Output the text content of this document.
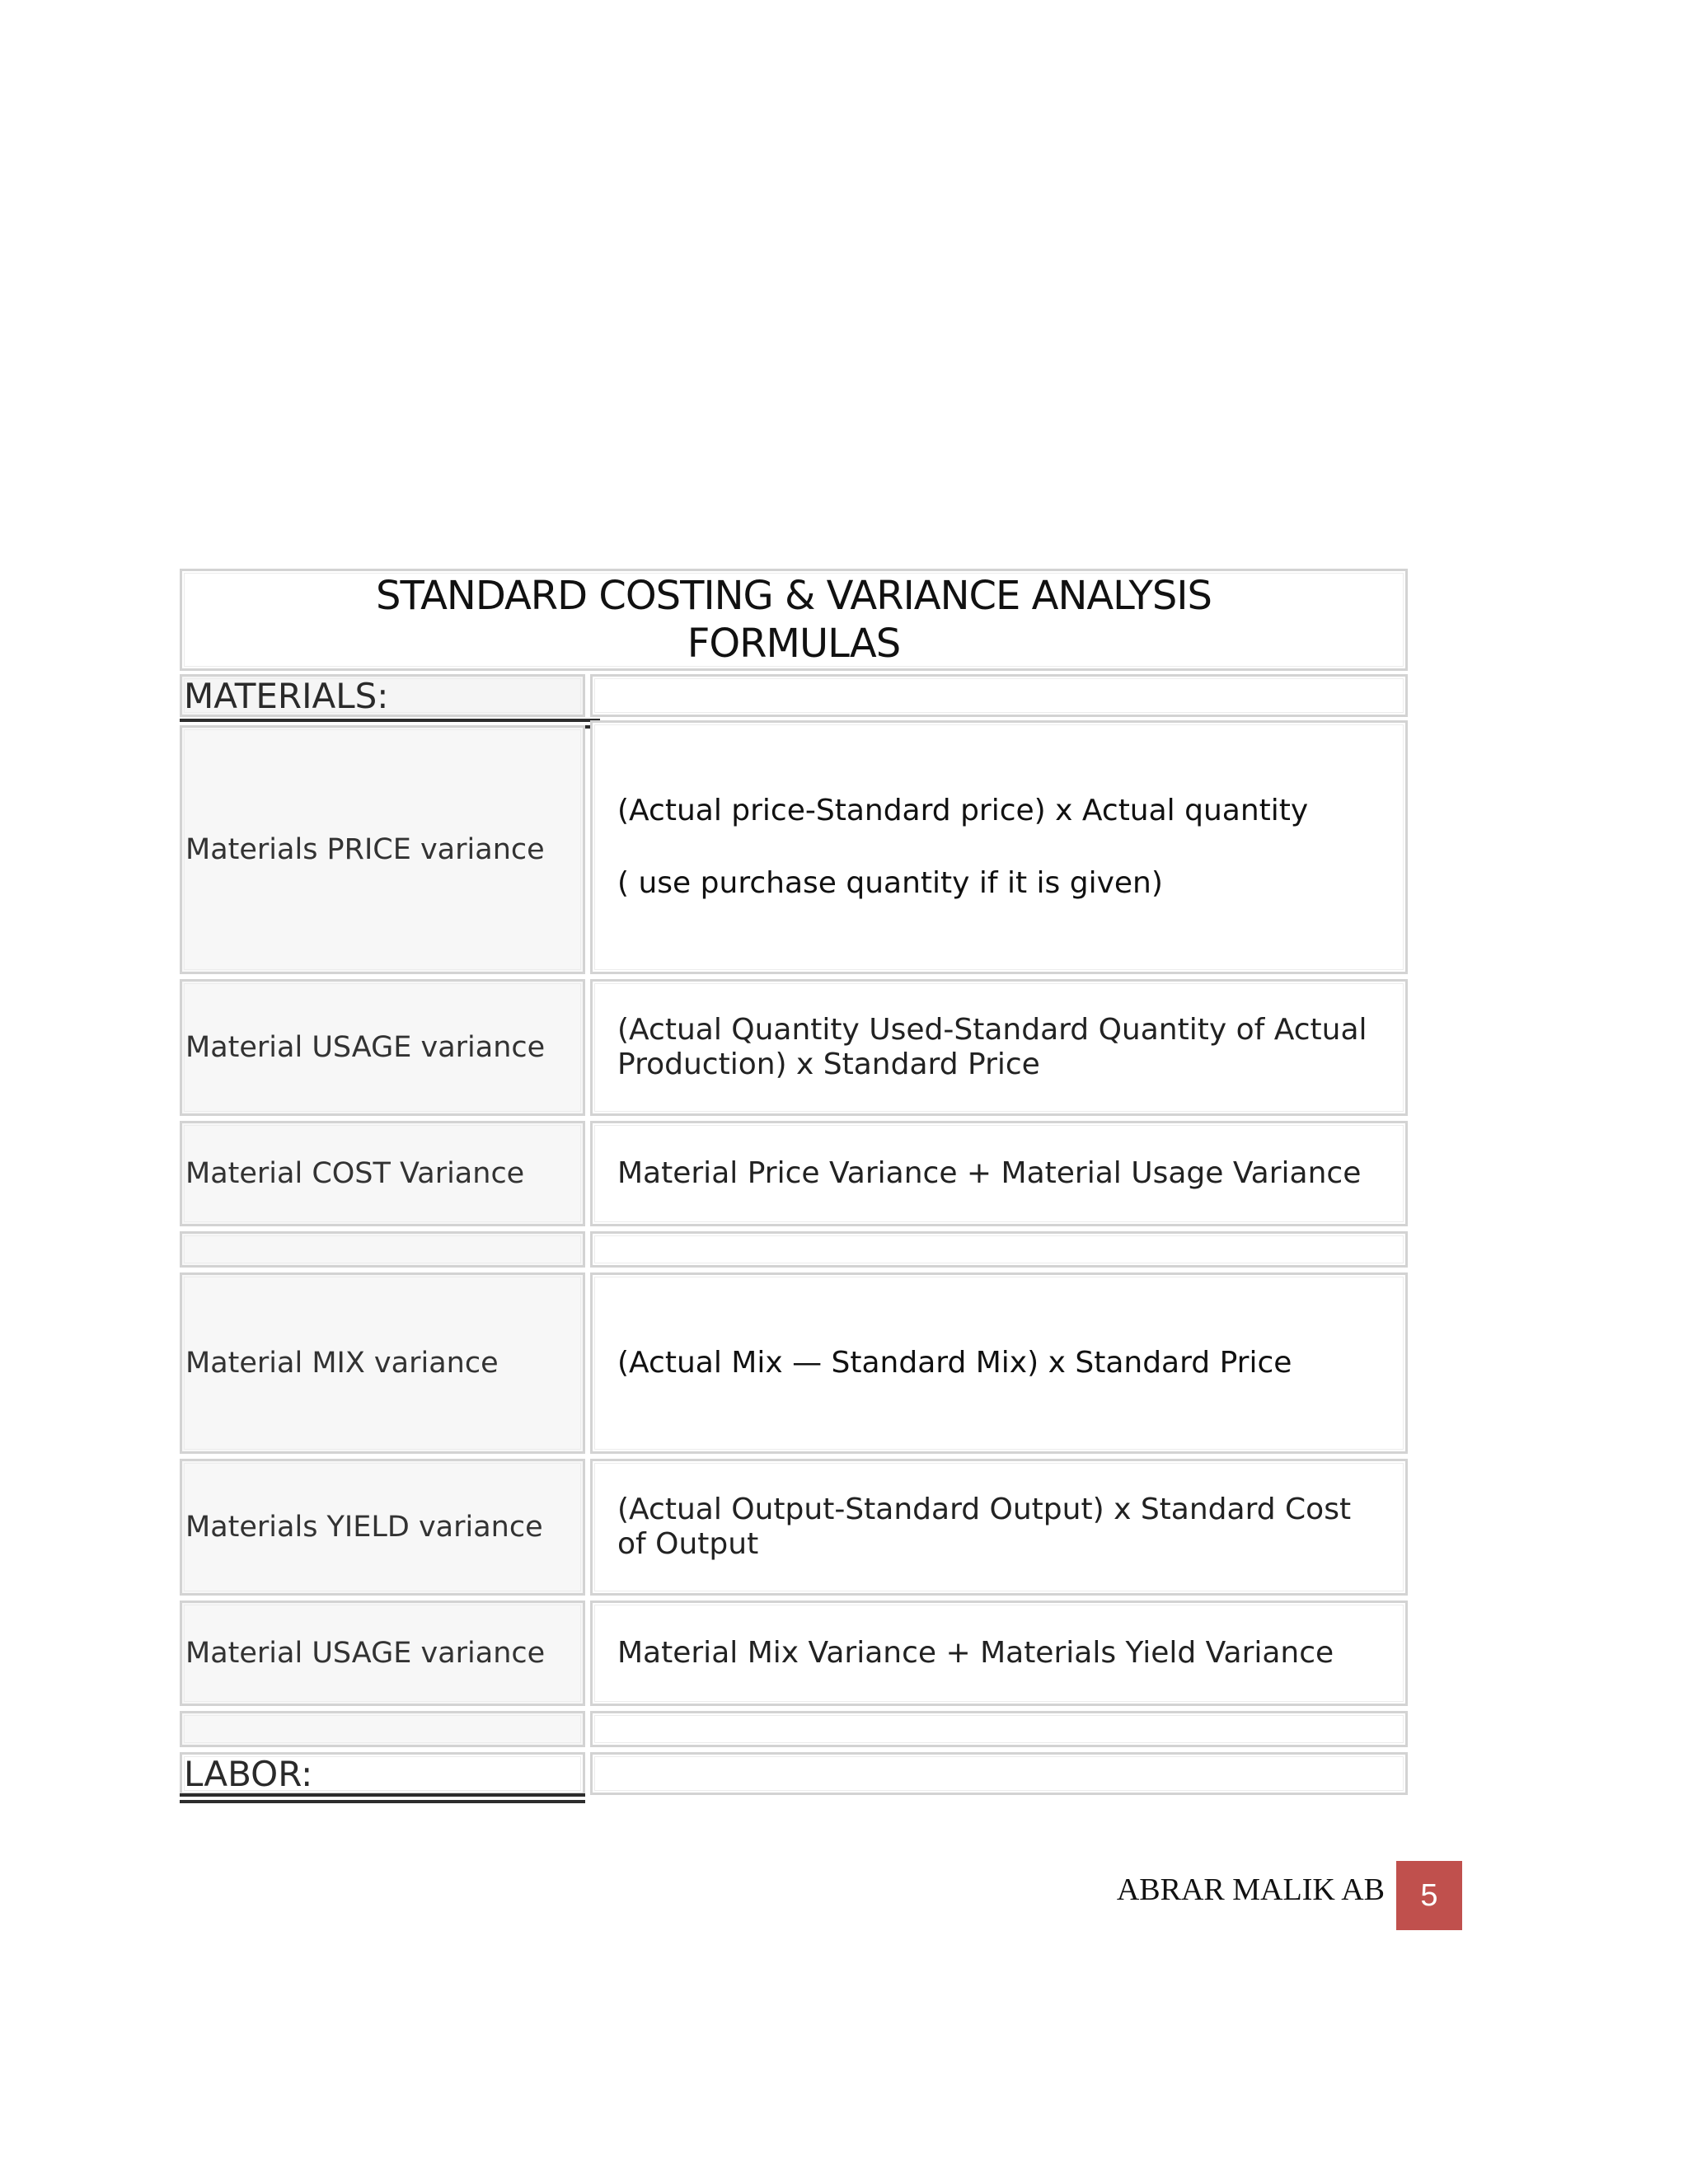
STANDARD COSTING & VARIANCE ANALYSIS FORMULAS
MATERIALS:
Materials PRICE variance
(Actual price-Standard price) x Actual quantity
( use purchase quantity if it is given)
Material USAGE variance
(Actual Quantity Used-Standard Quantity of Actual
Production) x Standard Price
Material COST Variance	Material Price Variance + Material Usage Variance
Material MIX variance	(Actual Mix — Standard Mix) x Standard Price
Materials YIELD variance
(Actual Output-Standard Output) x Standard Cost
of Output
Material USAGE variance Material Mix Variance + Materials Yield Variance
LABOR:
ABRAR MALIK AB 5
